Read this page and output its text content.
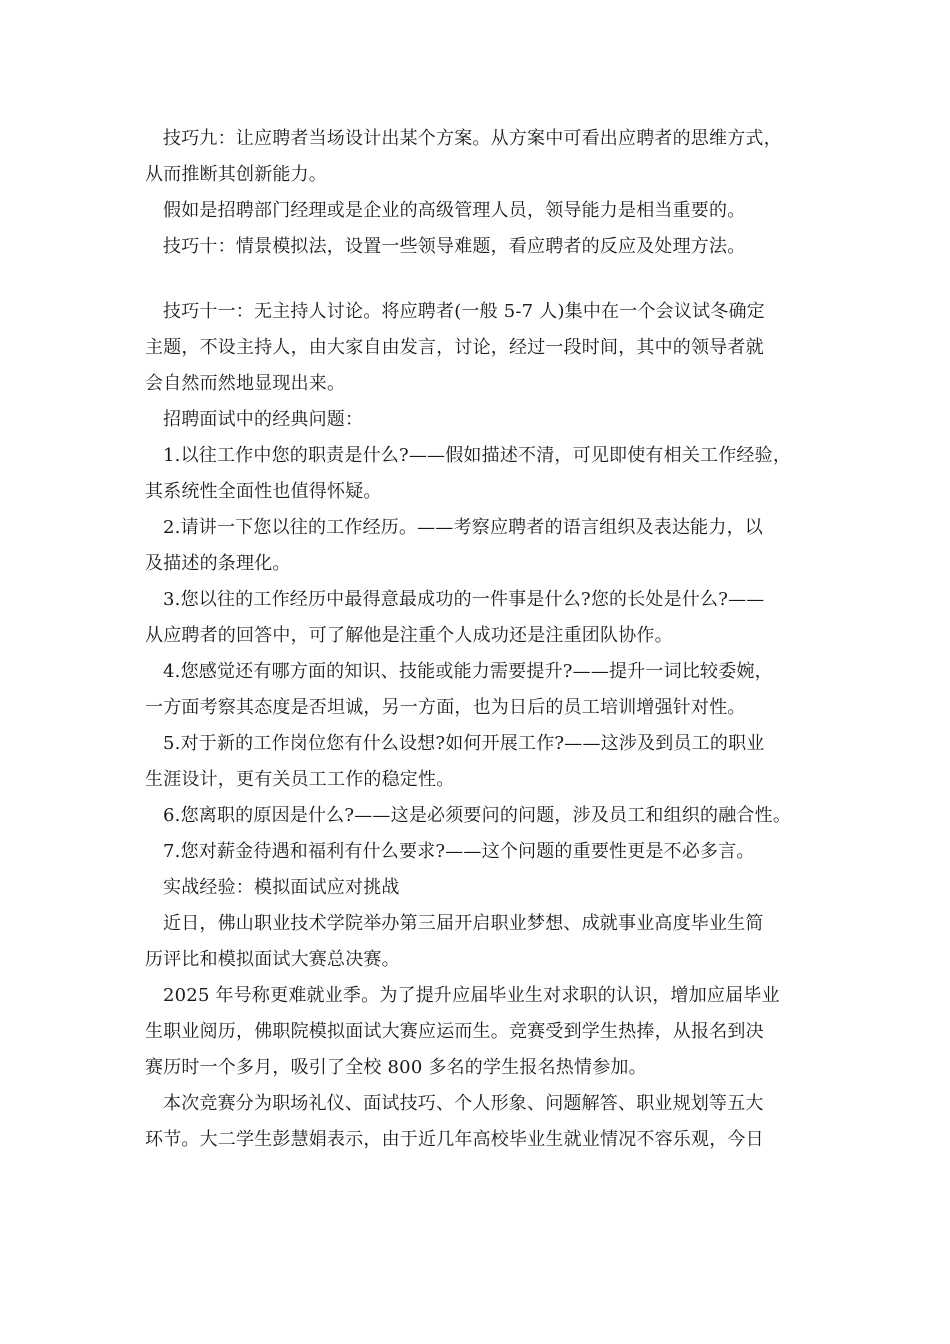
技巧九：让应聘者当场设计出某个方案。从方案中可看出应聘者的思维方式，
从而推断其创新能力。
假如是招聘部门经理或是企业的高级管理人员，领导能力是相当重要的。
技巧十：情景模拟法，设置一些领导难题，看应聘者的反应及处理方法。
技巧十一：无主持人讨论。将应聘者(一般 5-7 人)集中在一个会议试冬确定
主题，不设主持人，由大家自由发言，讨论，经过一段时间，其中的领导者就
会自然而然地显现出来。
招聘面试中的经典问题：
1.以往工作中您的职责是什么?——假如描述不清，可见即使有相关工作经验，
其系统性全面性也值得怀疑。
2.请讲一下您以往的工作经历。——考察应聘者的语言组织及表达能力，以
及描述的条理化。
3.您以往的工作经历中最得意最成功的一件事是什么?您的长处是什么?——
从应聘者的回答中，可了解他是注重个人成功还是注重团队协作。
4.您感觉还有哪方面的知识、技能或能力需要提升?——提升一词比较委婉，
一方面考察其态度是否坦诚，另一方面，也为日后的员工培训增强针对性。
5.对于新的工作岗位您有什么设想?如何开展工作?——这涉及到员工的职业
生涯设计，更有关员工工作的稳定性。
6.您离职的原因是什么?——这是必须要问的问题，涉及员工和组织的融合性。
7.您对薪金待遇和福利有什么要求?——这个问题的重要性更是不必多言。
实战经验：模拟面试应对挑战
近日，佛山职业技术学院举办第三届开启职业梦想、成就事业高度毕业生简
历评比和模拟面试大赛总决赛。
2025 年号称更难就业季。为了提升应届毕业生对求职的认识，增加应届毕业
生职业阅历，佛职院模拟面试大赛应运而生。竞赛受到学生热捧，从报名到决
赛历时一个多月，吸引了全校 800 多名的学生报名热情参加。
本次竞赛分为职场礼仪、面试技巧、个人形象、问题解答、职业规划等五大
环节。大二学生彭慧娟表示，由于近几年高校毕业生就业情况不容乐观，今日
